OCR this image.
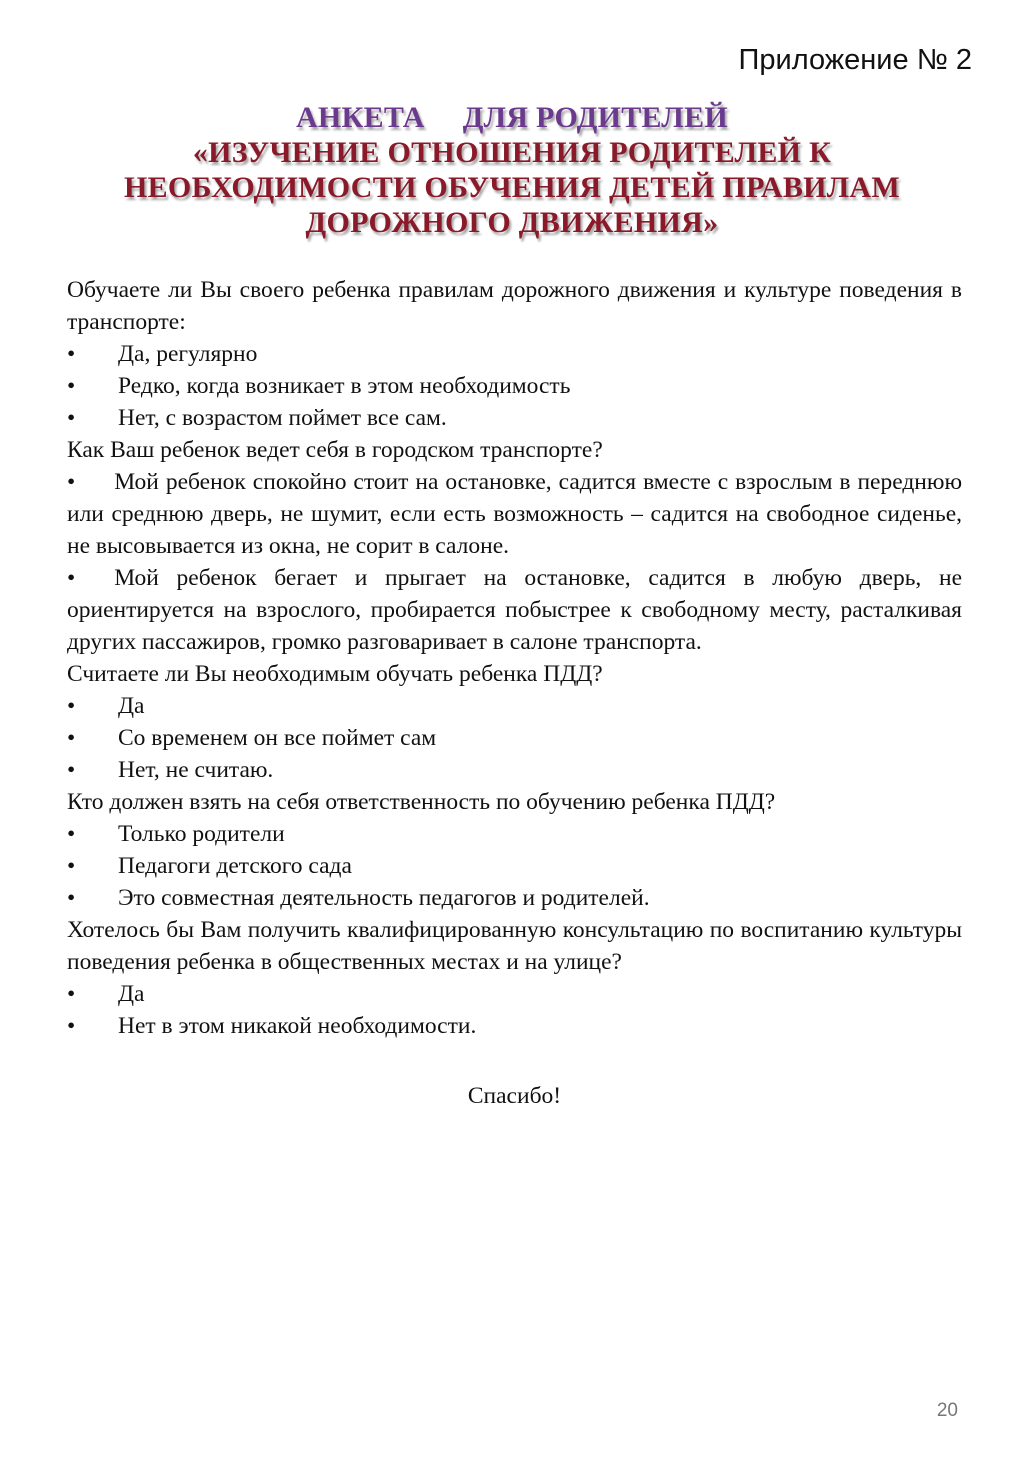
Приложение № 2
АНКЕТА ДЛЯ РОДИТЕЛЕЙ
«ИЗУЧЕНИЕ ОТНОШЕНИЯ РОДИТЕЛЕЙ К
НЕОБХОДИМОСТИ ОБУЧЕНИЯ ДЕТЕЙ ПРАВИЛАМ
ДОРОЖНОГО ДВИЖЕНИЯ»
Обучаете ли Вы своего ребенка правилам дорожного движения и культуре поведения в транспорте:
• Да, регулярно
• Редко, когда возникает в этом необходимость
• Нет, с возрастом поймет все сам.
Как Ваш ребенок ведет себя в городском транспорте?
• Мой ребенок спокойно стоит на остановке, садится вместе с взрослым в переднюю или среднюю дверь, не шумит, если есть возможность – садится на свободное сиденье, не высовывается из окна, не сорит в салоне.
• Мой ребенок бегает и прыгает на остановке, садится в любую дверь, не ориентируется на взрослого, пробирается побыстрее к свободному месту, расталкивая других пассажиров, громко разговаривает в салоне транспорта.
Считаете ли Вы необходимым обучать ребенка ПДД?
• Да
• Со временем он все поймет сам
• Нет, не считаю.
Кто должен взять на себя ответственность по обучению ребенка ПДД?
• Только родители
• Педагоги детского сада
• Это совместная деятельность педагогов и родителей.
Хотелось бы Вам получить квалифицированную консультацию по воспитанию культуры поведения ребенка в общественных местах и на улице?
• Да
• Нет в этом никакой необходимости.
Спасибо!
20
